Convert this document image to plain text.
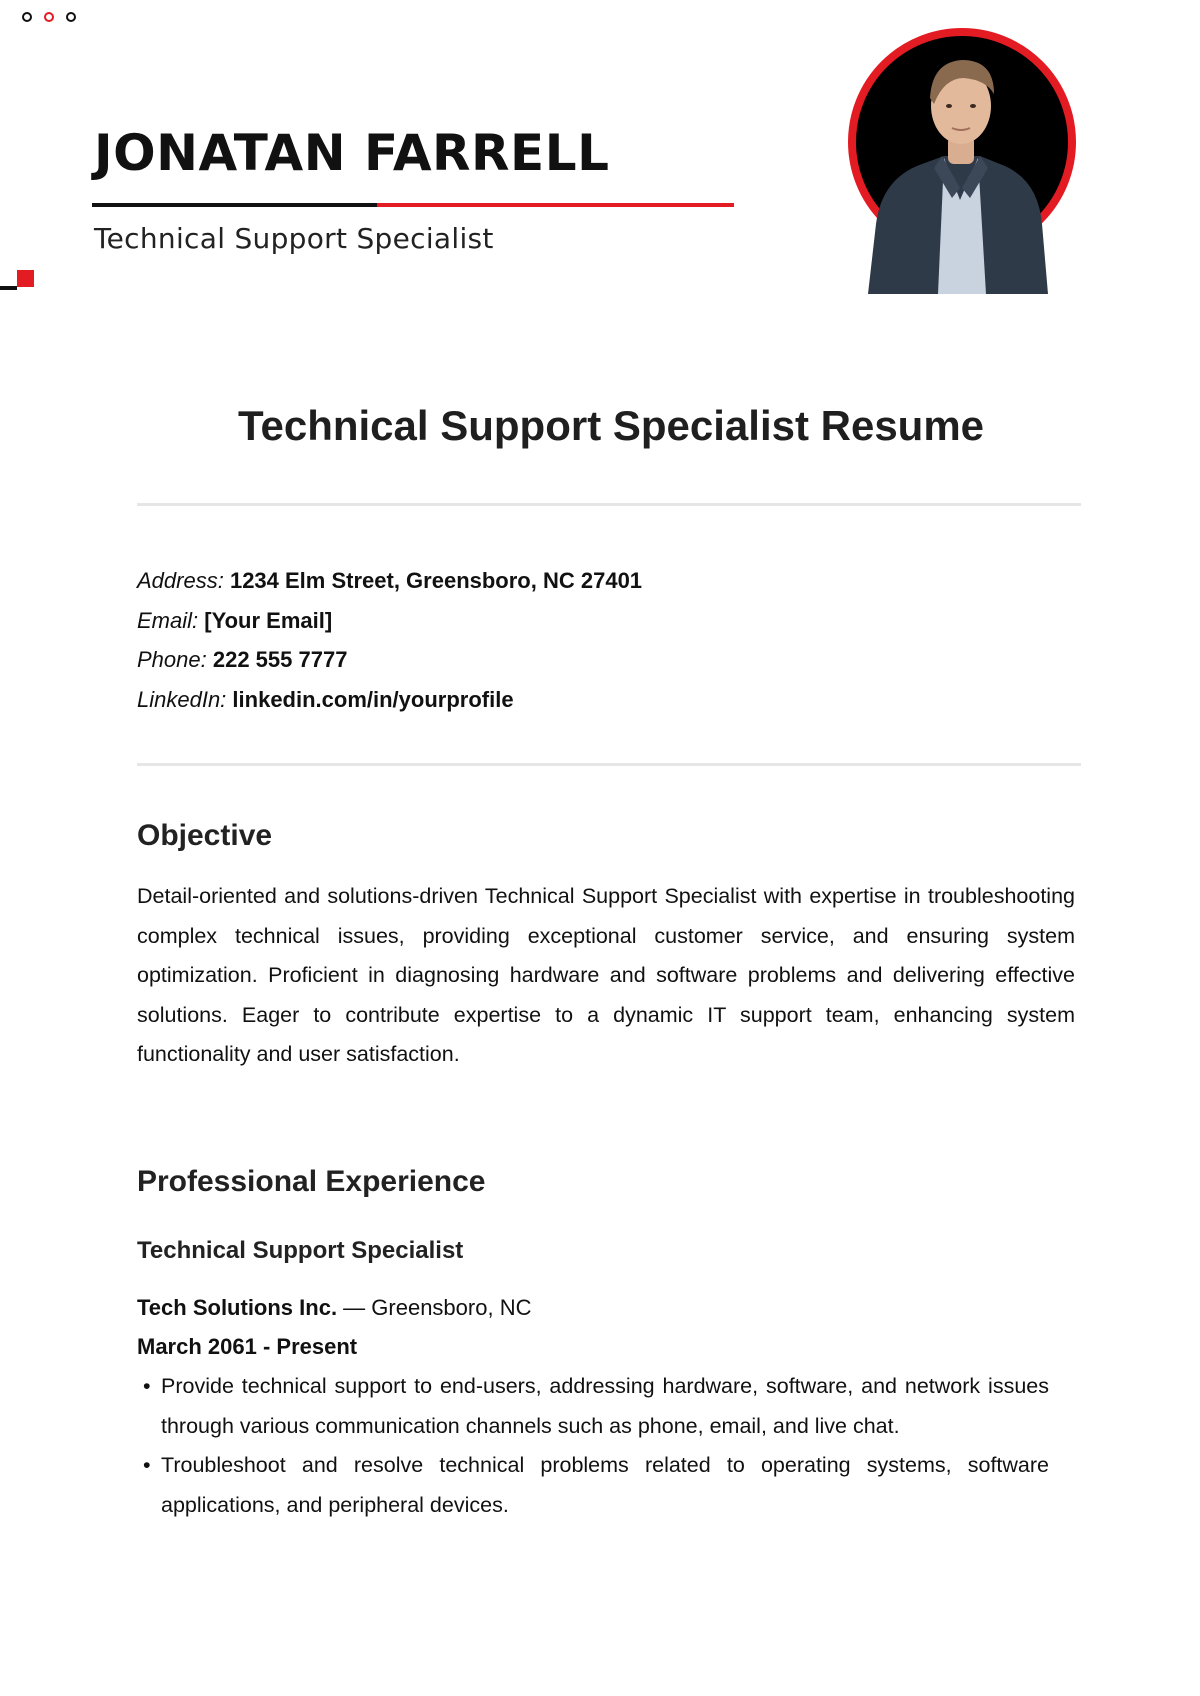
JONATAN FARRELL
Technical Support Specialist
Technical Support Specialist Resume
Address: 1234 Elm Street, Greensboro, NC 27401
Email: [Your Email]
Phone: 222 555 7777
LinkedIn: linkedin.com/in/yourprofile
Objective

Detail-oriented and solutions-driven Technical Support Specialist with expertise in troubleshooting complex technical issues, providing exceptional customer service, and ensuring system optimization. Proficient in diagnosing hardware and software problems and delivering effective solutions. Eager to contribute expertise to a dynamic IT support team, enhancing system functionality and user satisfaction.

Professional Experience
Technical Support Specialist
Tech Solutions Inc. — Greensboro, NC
March 2061 - Present
• Provide technical support to end-users, addressing hardware, software, and network issues through various communication channels such as phone, email, and live chat.
• Troubleshoot and resolve technical problems related to operating systems, software applications, and peripheral devices.
